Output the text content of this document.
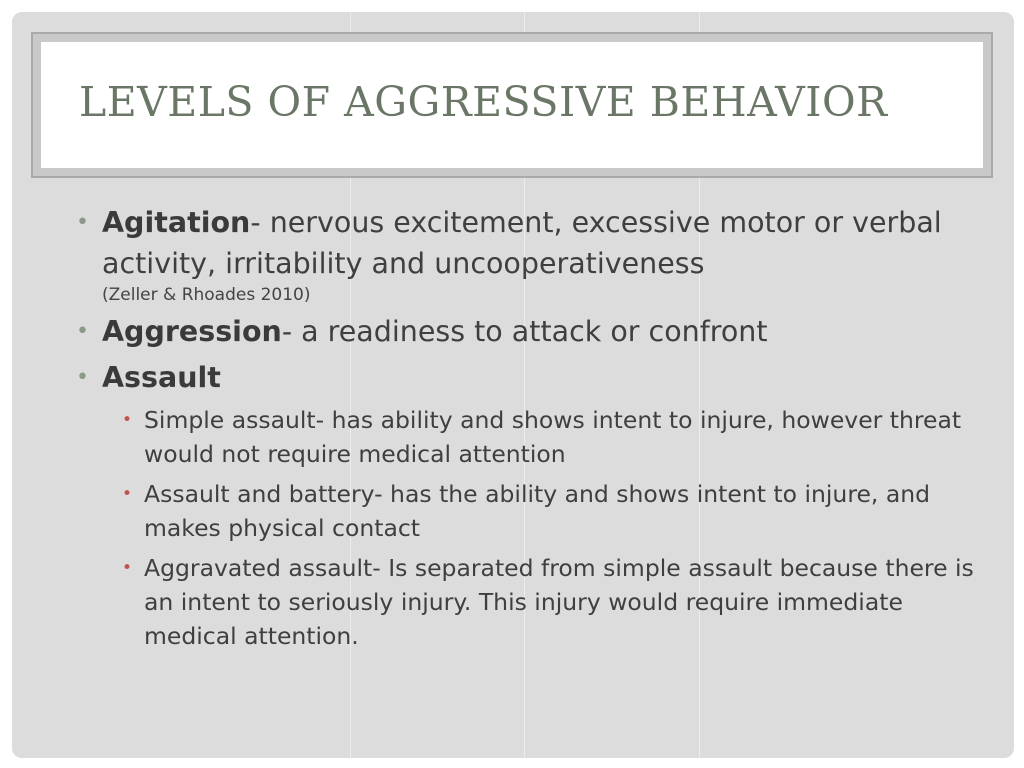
LEVELS OF AGGRESSIVE BEHAVIOR
• Agitation- nervous excitement, excessive motor or verbal activity, irritability and uncooperativeness
(Zeller & Rhoades 2010)
• Aggression- a readiness to attack or confront
• Assault
• Simple assault- has ability and shows intent to injure, however threat would not require medical attention
• Assault and battery- has the ability and shows intent to injure, and makes physical contact
• Aggravated assault- Is separated from simple assault because there is an intent to seriously injury. This injury would require immediate medical attention.
